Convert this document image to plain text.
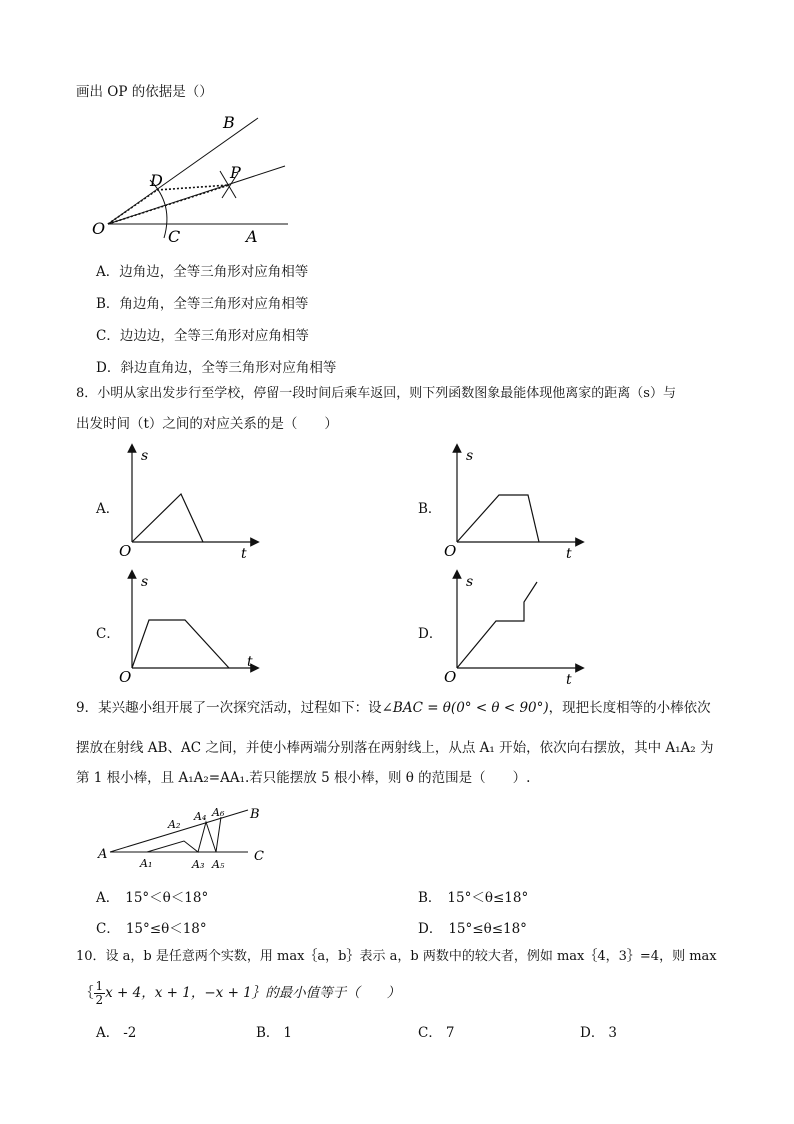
画出 OP 的依据是（）
B
D	P
O	C	A
A．边角边，全等三角形对应角相等
B．角边角，全等三角形对应角相等
C．边边边，全等三角形对应角相等
D．斜边直角边，全等三角形对应角相等
8．小明从家出发步行至学校，停留一段时间后乘车返回，则下列函数图象最能体现他离家的距离（s）与
出发时间（t）之间的对应关系的是（　　）
A．
O
s
t
B．
O
s
t
C．
O
s
t
D．
O
s
t
9．某兴趣小组开展了一次探究活动，过程如下：设∠BAC = θ(0° < θ < 90°)，现把长度相等的小棒依次
摆放在射线 AB、AC 之间，并使小棒两端分别落在两射线上，从点 A₁ 开始，依次向右摆放，其中 A₁A₂ 为
第 1 根小棒，且 A₁A₂=AA₁.若只能摆放 5 根小棒，则 θ 的范围是（　　）.
A
B
C
A₁
A₂
A₃
A₄
A₅
A₆
A． 15°＜θ＜18°	B． 15°＜θ≤18°
C． 15°≤θ＜18°	D． 15°≤θ≤18°
10．设 a，b 是任意两个实数，用 max｛a，b｝表示 a，b 两数中的较大者，例如 max｛4，3｝=4，则 max
｛ $\frac{1}{2}$ x + 4，x + 1，−x + 1｝的最小值等于（　　）
A． -2	B． 1	C． 7	D． 3
